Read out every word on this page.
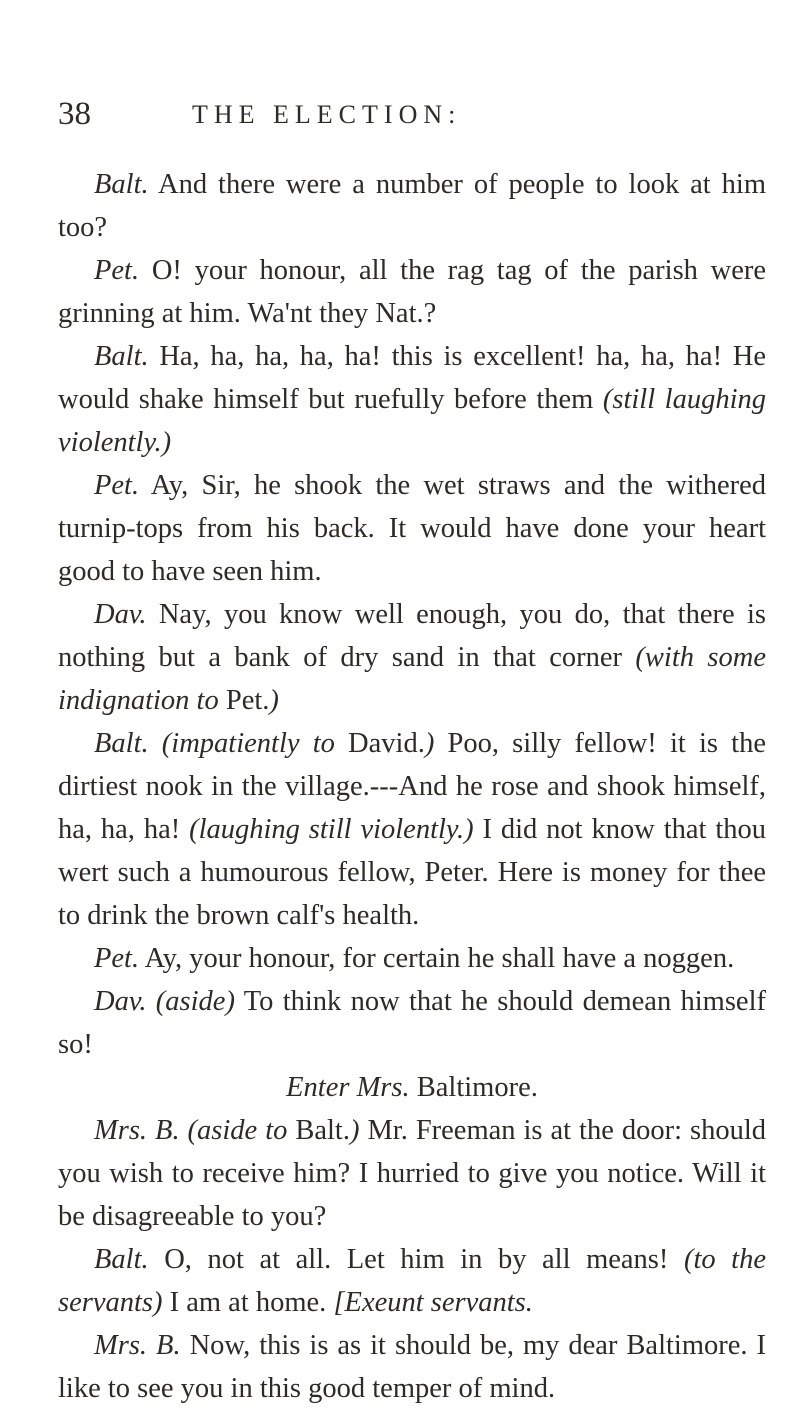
38	THE ELECTION:

Balt. And there were a number of people to look at him too?

Pet. O! your honour, all the rag tag of the parish were grinning at him. Wa'nt they Nat.?

Balt. Ha, ha, ha, ha, ha! this is excellent! ha, ha, ha! He would shake himself but ruefully before them (still laughing violently.)

Pet. Ay, Sir, he shook the wet straws and the withered turnip-tops from his back. It would have done your heart good to have seen him.

Dav. Nay, you know well enough, you do, that there is nothing but a bank of dry sand in that corner (with some indignation to Pet.)

Balt. (impatiently to David.) Poo, silly fellow! it is the dirtiest nook in the village.---And he rose and shook himself, ha, ha, ha! (laughing still violently.) I did not know that thou wert such a humourous fellow, Peter. Here is money for thee to drink the brown calf's health.

Pet. Ay, your honour, for certain he shall have a noggen.

Dav. (aside) To think now that he should demean himself so!

Enter Mrs. Baltimore.

Mrs. B. (aside to Balt.) Mr. Freeman is at the door: should you wish to receive him? I hurried to give you notice. Will it be disagreeable to you?

Balt. O, not at all. Let him in by all means! (to the servants) I am at home. [Exeunt servants.

Mrs. B. Now, this is as it should be, my dear Baltimore. I like to see you in this good temper of mind.
